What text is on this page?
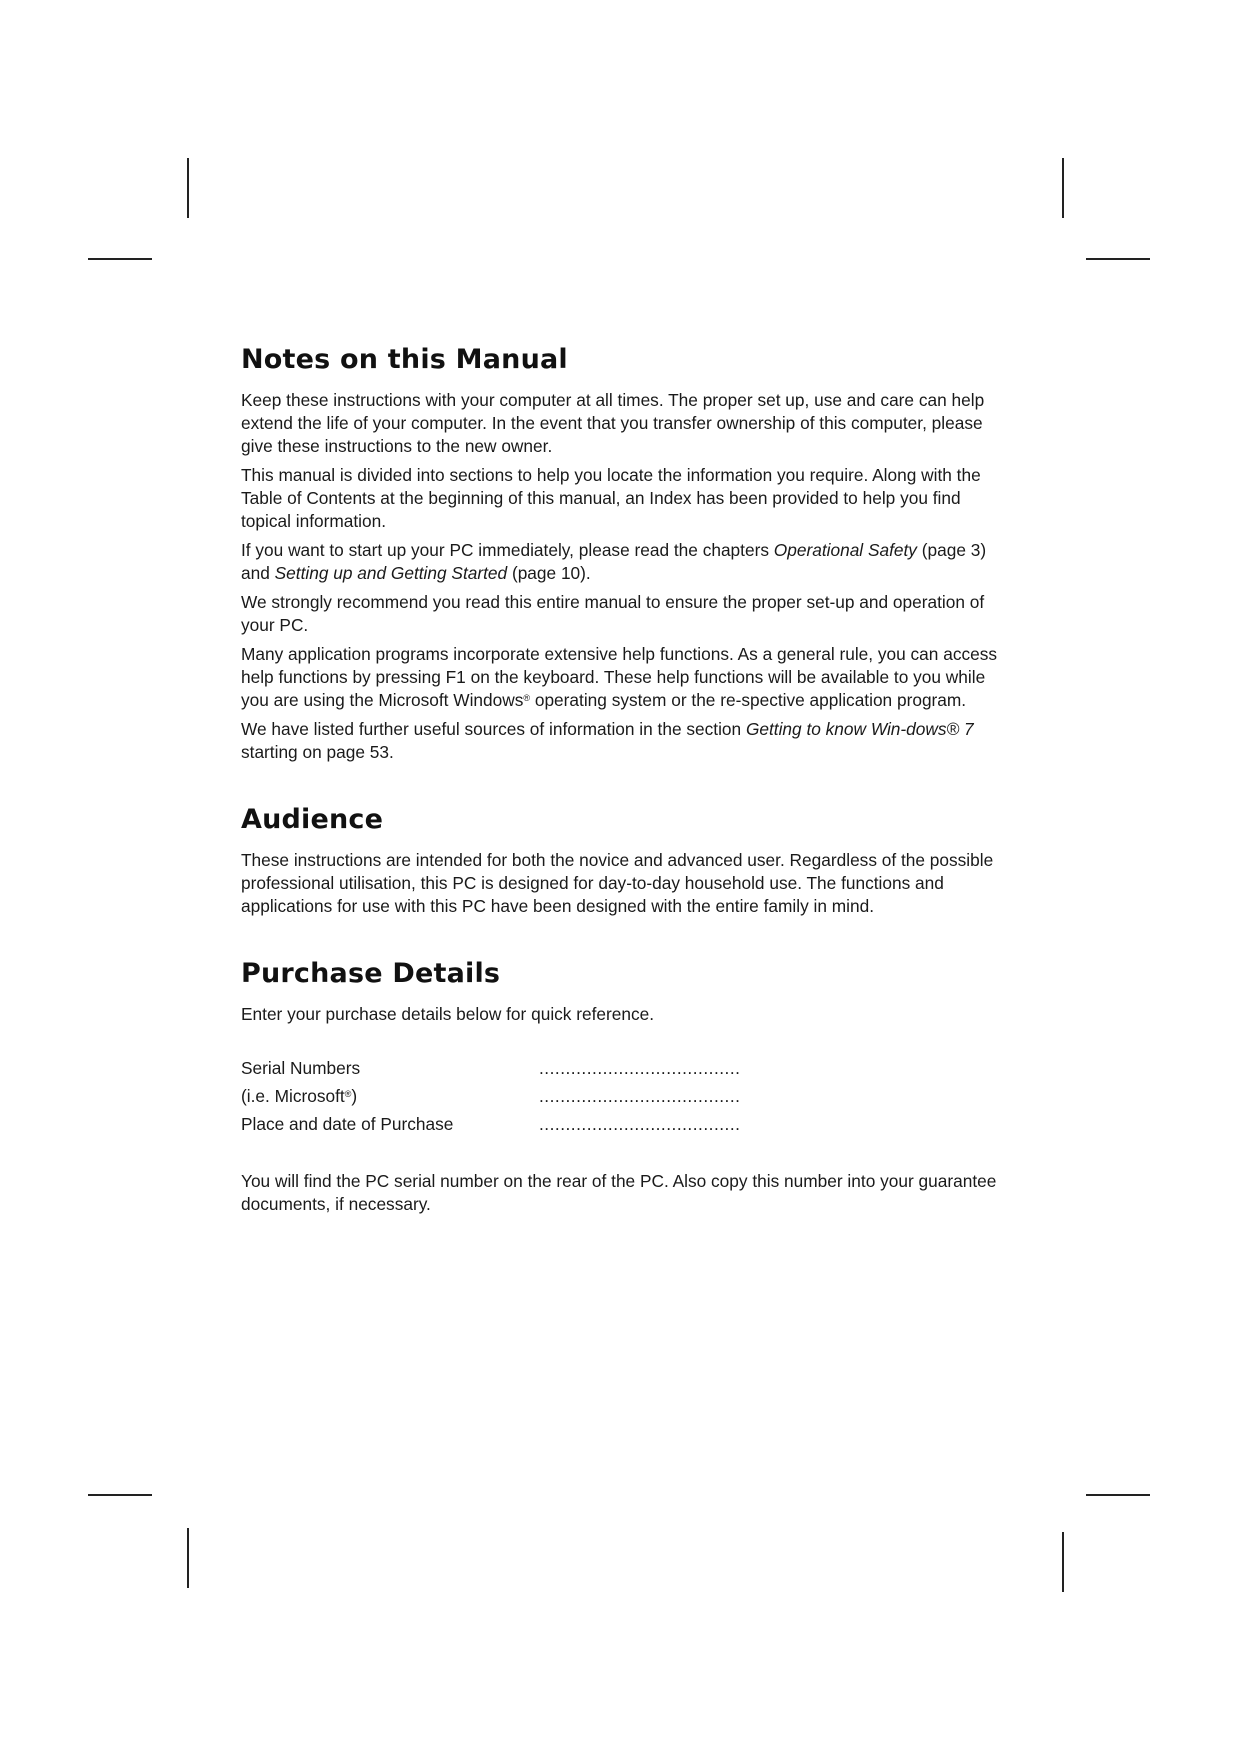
Notes on this Manual

Keep these instructions with your computer at all times. The proper set up, use and care can help extend the life of your computer. In the event that you transfer ownership of this computer, please give these instructions to the new owner.

This manual is divided into sections to help you locate the information you require. Along with the Table of Contents at the beginning of this manual, an Index has been provided to help you find topical information.

If you want to start up your PC immediately, please read the chapters Operational Safety (page 3) and Setting up and Getting Started (page 10).

We strongly recommend you read this entire manual to ensure the proper set-up and operation of your PC.

Many application programs incorporate extensive help functions. As a general rule, you can access help functions by pressing F1 on the keyboard. These help functions will be available to you while you are using the Microsoft Windows® operating system or the re-spective application program.

We have listed further useful sources of information in the section Getting to know Win-dows® 7 starting on page 53.

Audience

These instructions are intended for both the novice and advanced user. Regardless of the possible professional utilisation, this PC is designed for day-to-day household use. The functions and applications for use with this PC have been designed with the entire family in mind.

Purchase Details

Enter your purchase details below for quick reference.

Serial Numbers	......................................
(i.e. Microsoft®)	......................................
Place and date of Purchase	......................................

You will find the PC serial number on the rear of the PC. Also copy this number into your guarantee documents, if necessary.
